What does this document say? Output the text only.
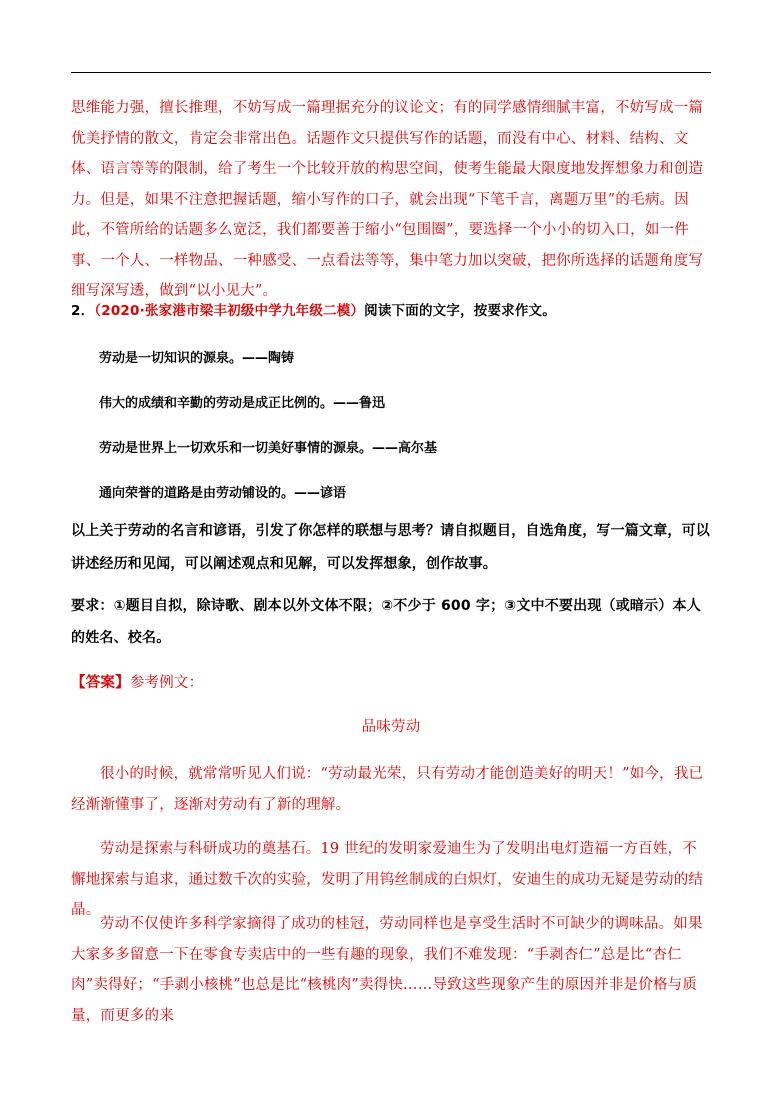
思维能力强，擅长推理，不妨写成一篇理据充分的议论文；有的同学感情细腻丰富，不妨写成一篇优美抒情的散文，肯定会非常出色。话题作文只提供写作的话题，而没有中心、材料、结构、文体、语言等等的限制，给了考生一个比较开放的构思空间，使考生能最大限度地发挥想象力和创造力。但是，如果不注意把握话题，缩小写作的口子，就会出现“下笔千言，离题万里”的毛病。因此，不管所给的话题多么宽泛，我们都要善于缩小“包围圈”，要选择一个小小的切入口，如一件事、一个人、一样物品、一种感受、一点看法等等，集中笔力加以突破，把你所选择的话题角度写细写深写透，做到“以小见大”。

2．（2020·张家港市梁丰初级中学九年级二模）阅读下面的文字，按要求作文。

劳动是一切知识的源泉。——陶铸
伟大的成绩和辛勤的劳动是成正比例的。——鲁迅
劳动是世界上一切欢乐和一切美好事情的源泉。——高尔基
通向荣誉的道路是由劳动铺设的。——谚语

以上关于劳动的名言和谚语，引发了你怎样的联想与思考？请自拟题目，自选角度，写一篇文章，可以讲述经历和见闻，可以阐述观点和见解，可以发挥想象，创作故事。

要求：①题目自拟，除诗歌、剧本以外文体不限；②不少于 600 字；③文中不要出现（或暗示）本人的姓名、校名。

【答案】参考例文：

品味劳动

很小的时候，就常常听见人们说：“劳动最光荣，只有劳动才能创造美好的明天！”如今，我已经渐渐懂事了，逐渐对劳动有了新的理解。

劳动是探索与科研成功的奠基石。19 世纪的发明家爱迪生为了发明出电灯造福一方百姓，不懈地探索与追求，通过数千次的实验，发明了用钨丝制成的白炽灯，安迪生的成功无疑是劳动的结晶。

劳动不仅使许多科学家摘得了成功的桂冠，劳动同样也是享受生活时不可缺少的调味品。如果大家多多留意一下在零食专卖店中的一些有趣的现象，我们不难发现：“手剥杏仁”总是比“杏仁肉”卖得好；“手剥小核桃”也总是比“核桃肉”卖得快……导致这些现象产生的原因并非是价格与质量，而更多的来
